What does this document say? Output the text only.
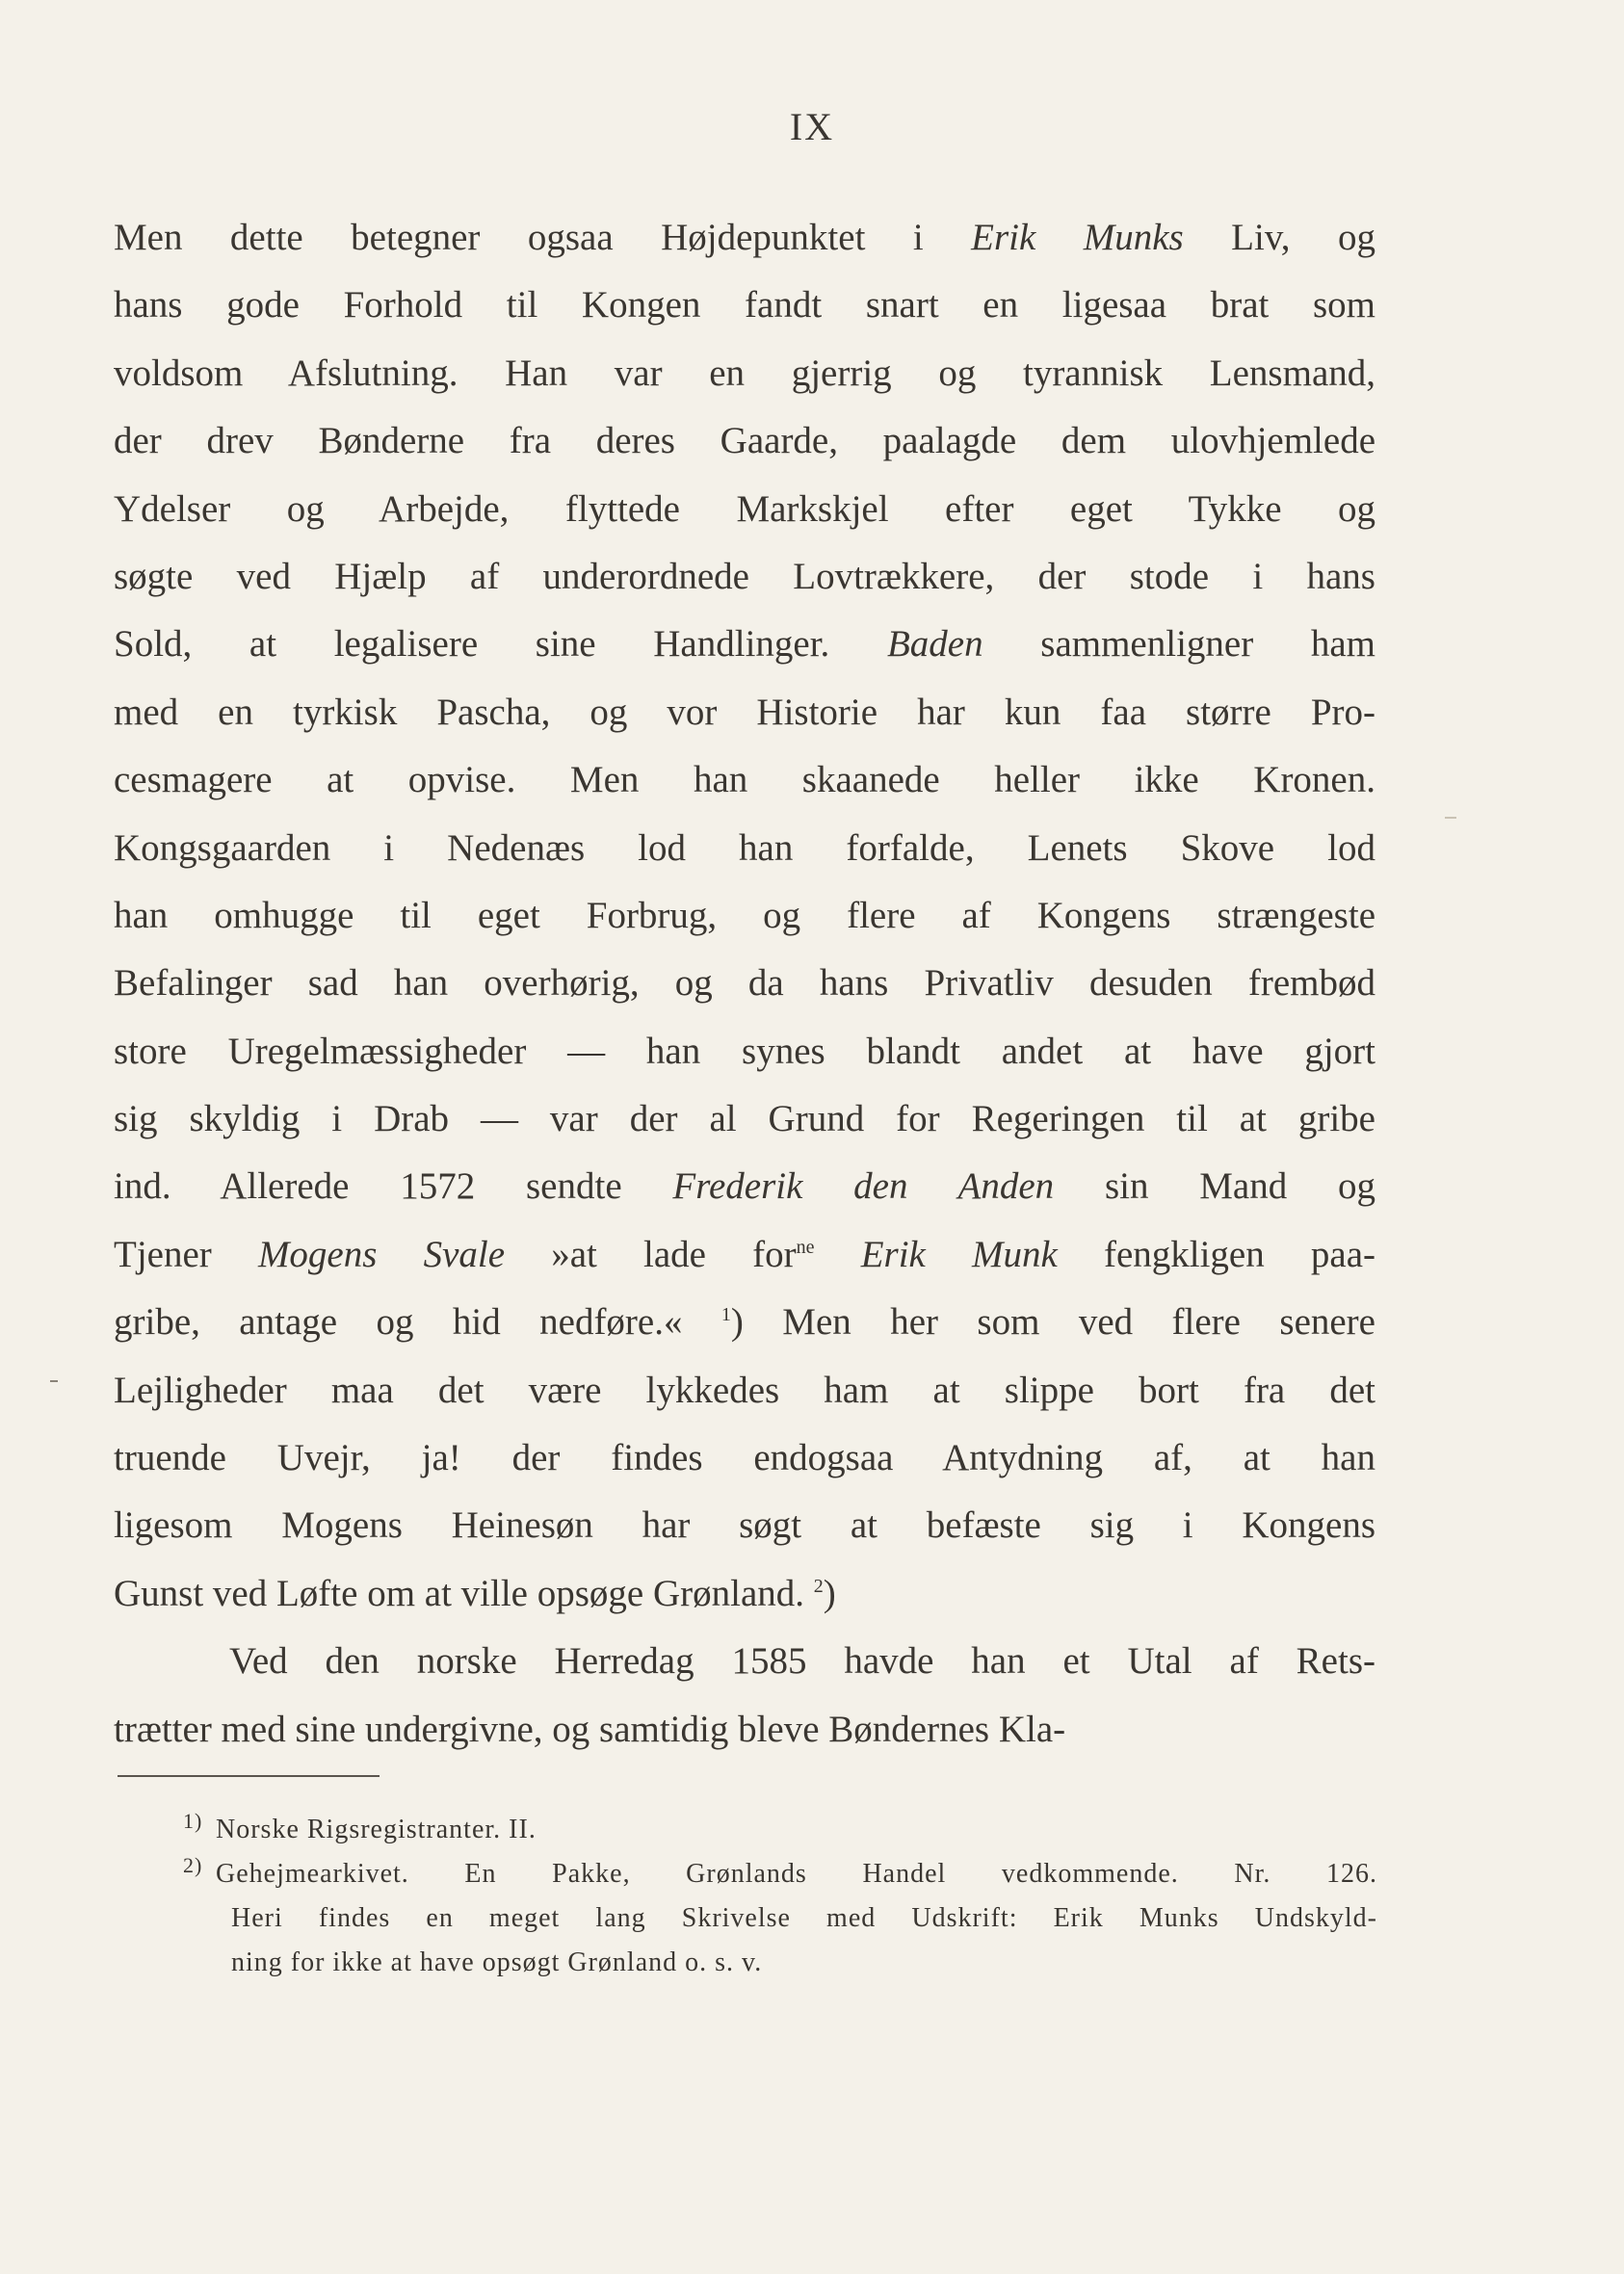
IX
Men dette betegner ogsaa Højdepunktet i Erik Munks Liv, og
hans gode Forhold til Kongen fandt snart en ligesaa brat som
voldsom Afslutning. Han var en gjerrig og tyrannisk Lensmand,
der drev Bønderne fra deres Gaarde, paalagde dem ulovhjemlede
Ydelser og Arbejde, flyttede Markskjel efter eget Tykke og
søgte ved Hjælp af underordnede Lovtrækkere, der stode i hans
Sold, at legalisere sine Handlinger. Baden sammenligner ham
med en tyrkisk Pascha, og vor Historie har kun faa større Pro-
cesmagere at opvise. Men han skaanede heller ikke Kronen.
Kongsgaarden i Nedenæs lod han forfalde, Lenets Skove lod
han omhugge til eget Forbrug, og flere af Kongens strængeste
Befalinger sad han overhørig, og da hans Privatliv desuden frembød
store Uregelmæssigheder — han synes blandt andet at have gjort
sig skyldig i Drab — var der al Grund for Regeringen til at gribe
ind. Allerede 1572 sendte Frederik den Anden sin Mand og
Tjener Mogens Svale »at lade for$^{ne}$ Erik Munk fengkligen paa-
gribe, antage og hid nedføre.« $^1$) Men her som ved flere senere
Lejligheder maa det være lykkedes ham at slippe bort fra det
truende Uvejr, ja! der findes endogsaa Antydning af, at han
ligesom Mogens Heinesøn har søgt at befæste sig i Kongens
Gunst ved Løfte om at ville opsøge Grønland. $^2$)
Ved den norske Herredag 1585 havde han et Utal af Rets-
trætter med sine undergivne, og samtidig bleve Bøndernes Kla-
1) Norske Rigsregistranter. II.
2) Gehejmearkivet. En Pakke, Grønlands Handel vedkommende. Nr. 126.
Heri findes en meget lang Skrivelse med Udskrift: Erik Munks Undskyld-
ning for ikke at have opsøgt Grønland o. s. v.
